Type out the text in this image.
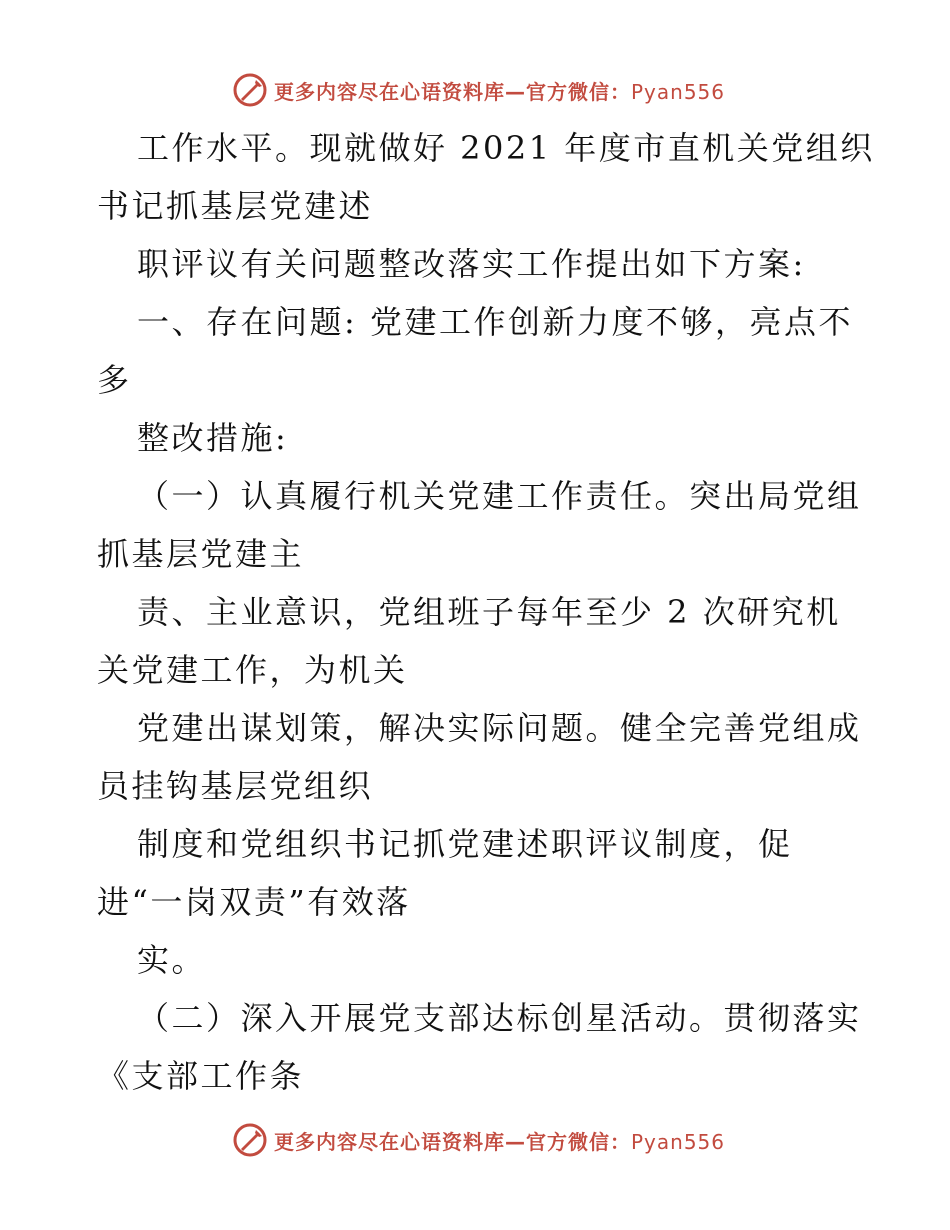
更多内容尽在心语资料库—官方微信：Pyan556
工作水平。现就做好 2021 年度市直机关党组织
书记抓基层党建述
职评议有关问题整改落实工作提出如下方案:
一、存在问题: 党建工作创新力度不够，亮点不
多
整改措施:
（一）认真履行机关党建工作责任。突出局党组
抓基层党建主
责、主业意识，党组班子每年至少 2 次研究机
关党建工作，为机关
党建出谋划策，解决实际问题。健全完善党组成
员挂钩基层党组织
制度和党组织书记抓党建述职评议制度，促
进“一岗双责”有效落
实。
（二）深入开展党支部达标创星活动。贯彻落实
《支部工作条
更多内容尽在心语资料库—官方微信：Pyan556
